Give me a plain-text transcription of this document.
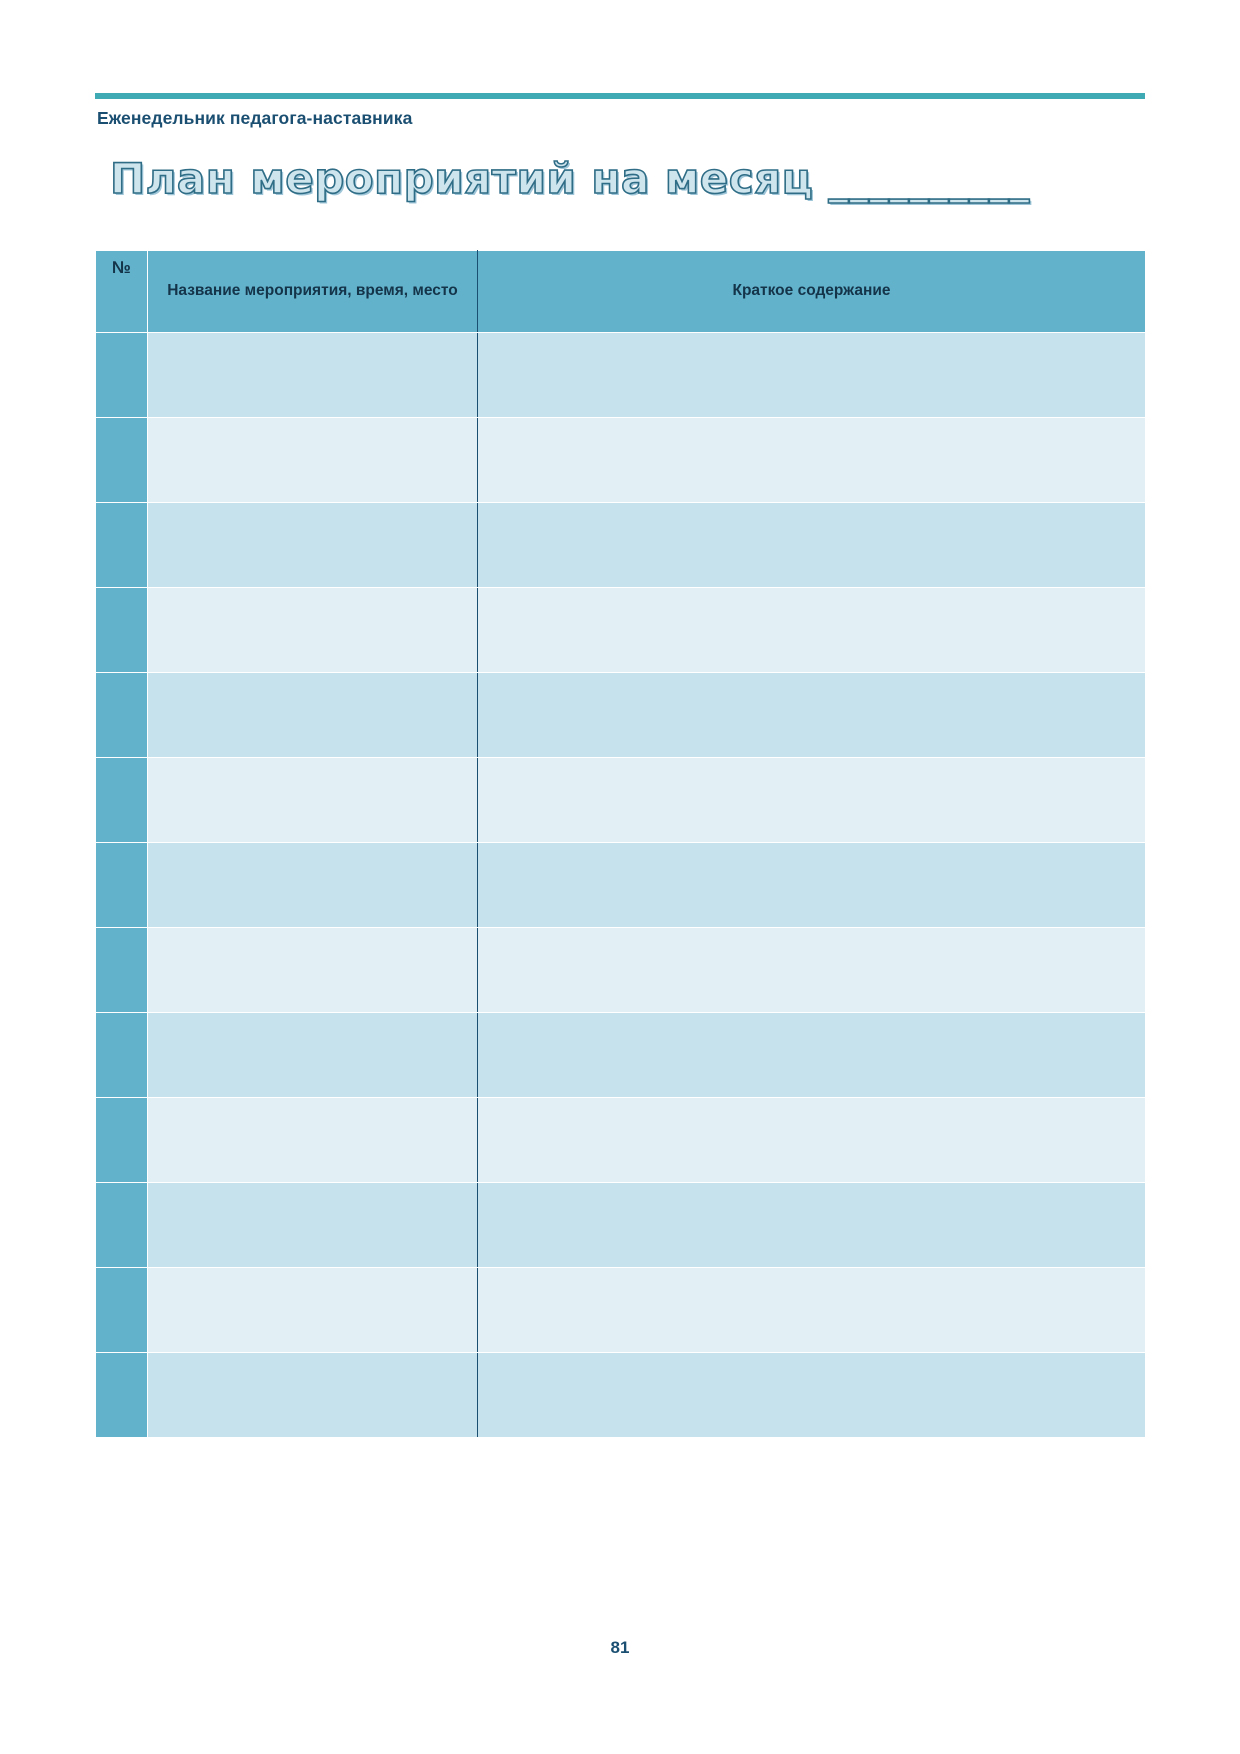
Еженедельник педагога-наставника
План мероприятий на месяц __________
№	Название мероприятия, время, место	Краткое содержание

81
